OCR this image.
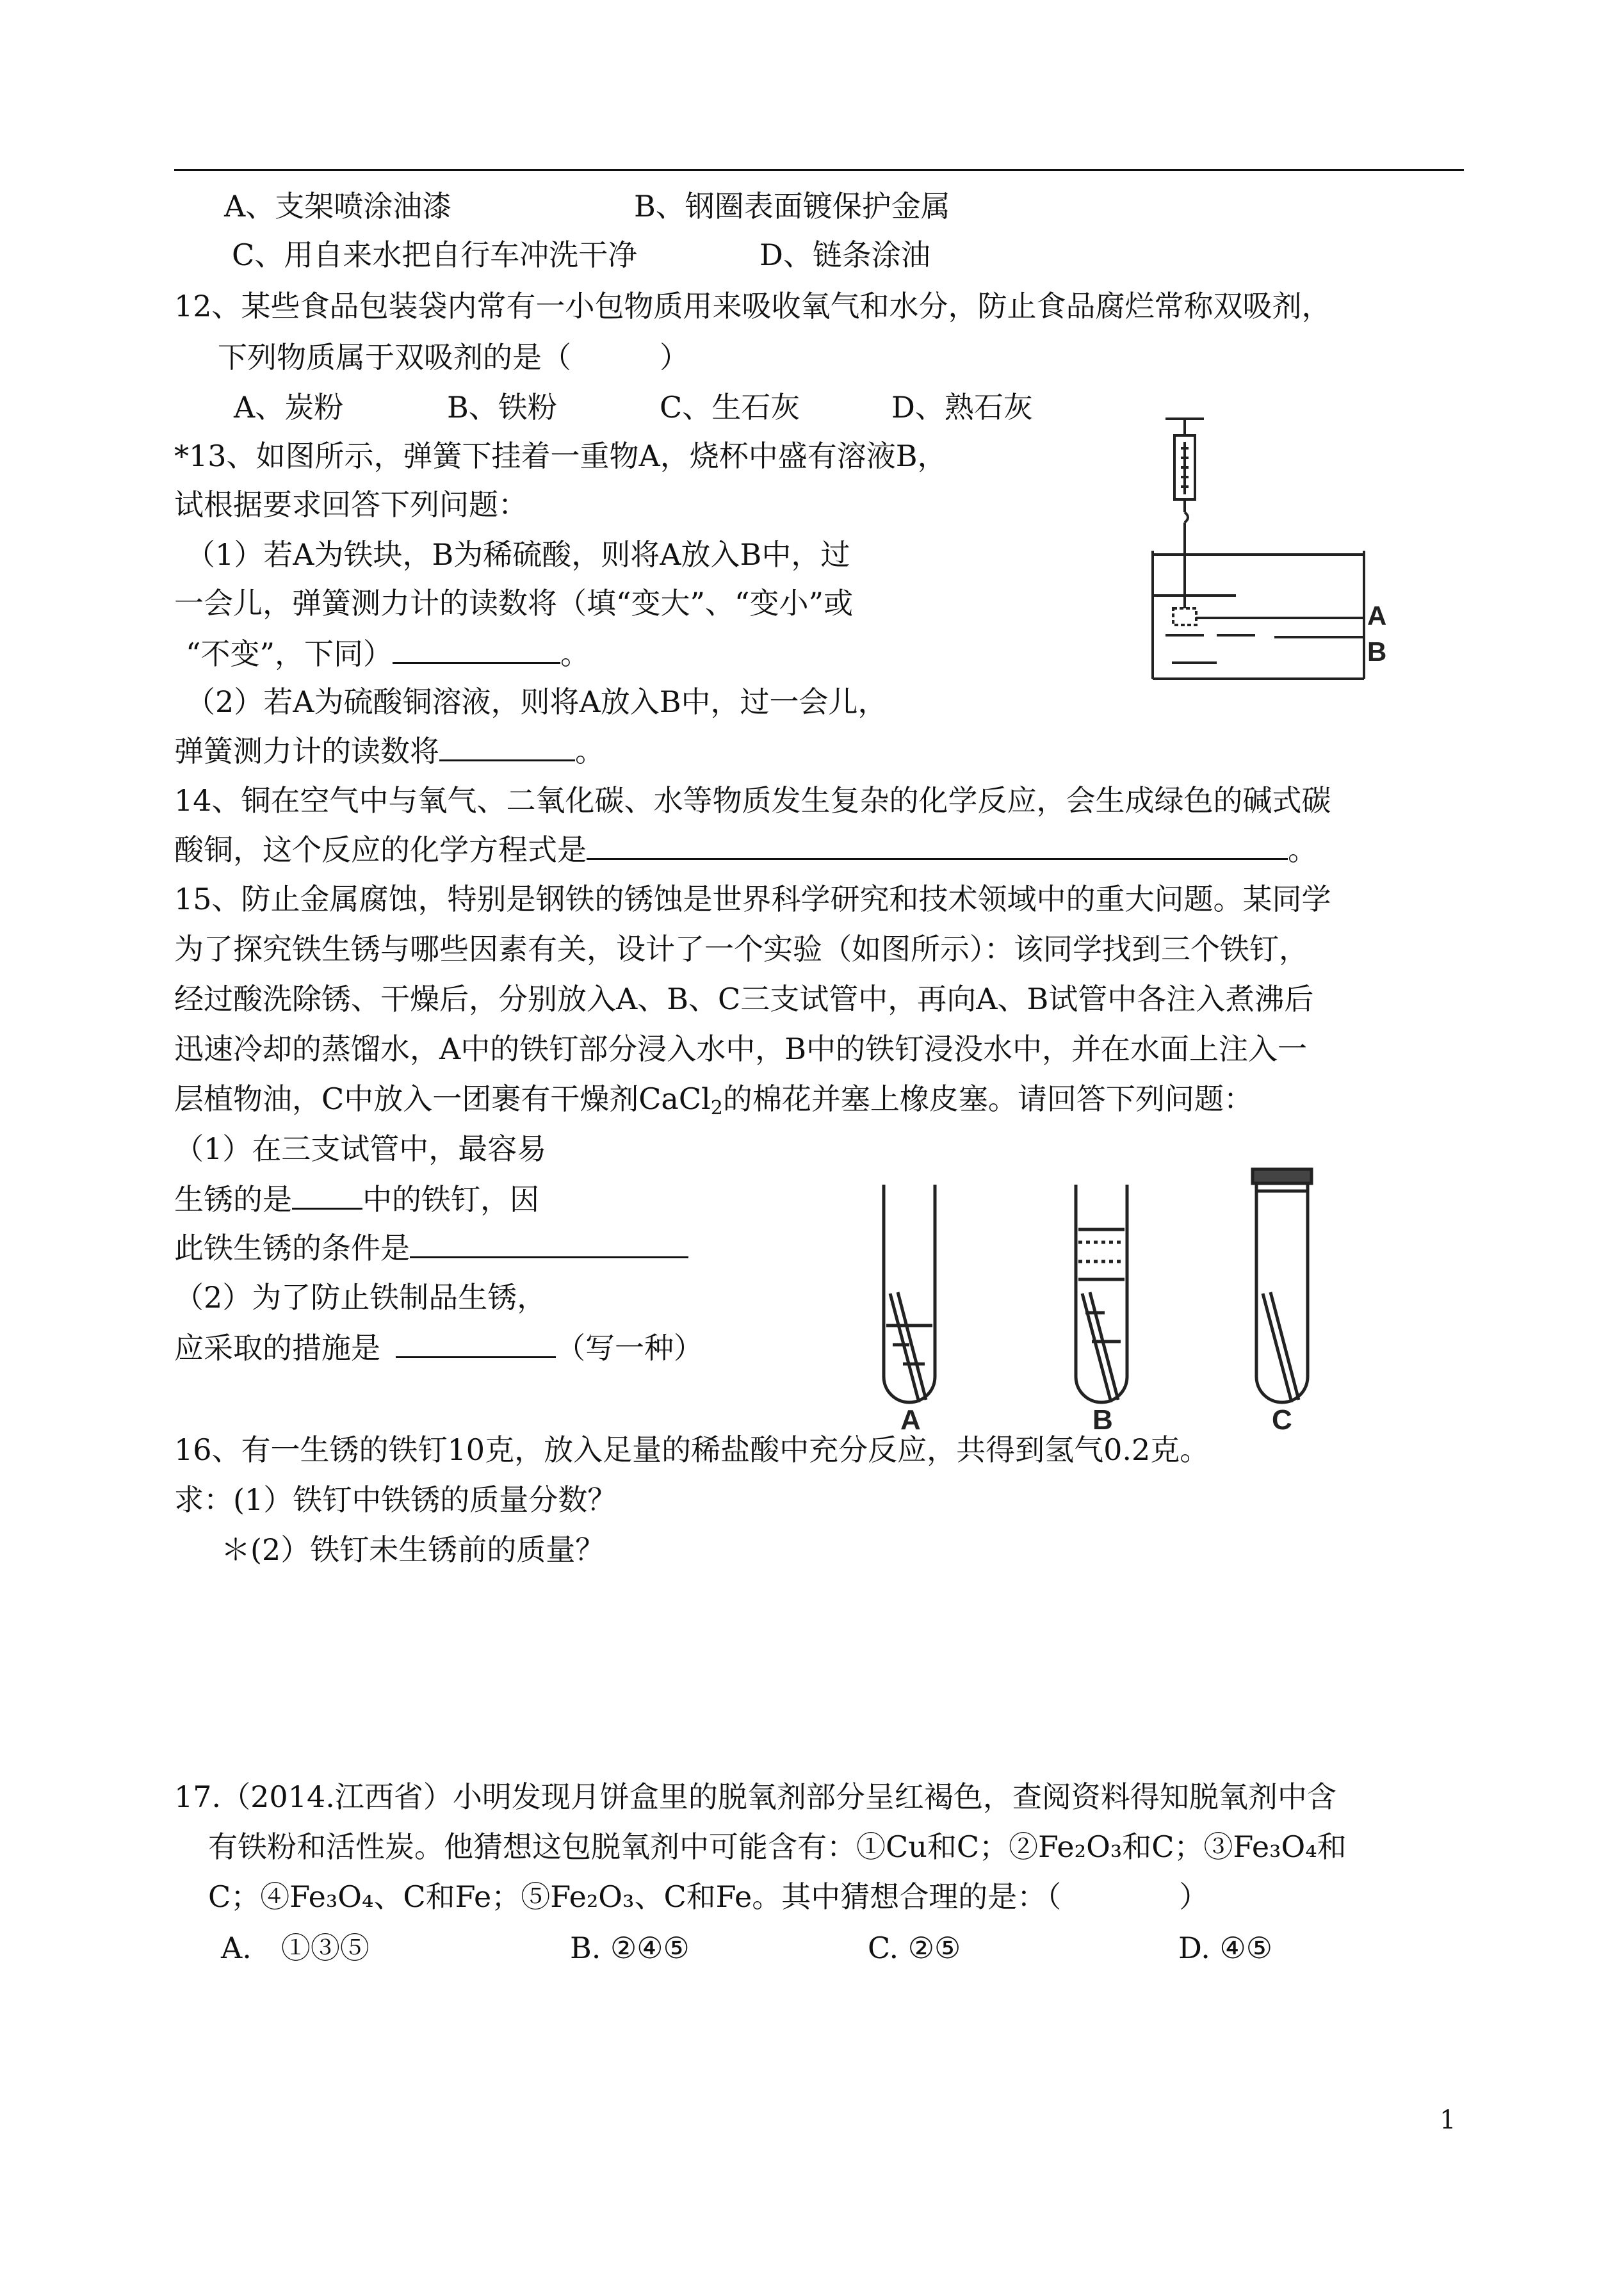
A、支架喷涂油漆	B、钢圈表面镀保护金属
C、用自来水把自行车冲洗干净	D、链条涂油
12、某些食品包装袋内常有一小包物质用来吸收氧气和水分，防止食品腐烂常称双吸剂，
下列物质属于双吸剂的是（　　　）
A、炭粉	B、铁粉	C、生石灰	D、熟石灰
*13、如图所示，弹簧下挂着一重物A，烧杯中盛有溶液B，
试根据要求回答下列问题：
（1）若A为铁块，B为稀硫酸，则将A放入B中，过
一会儿，弹簧测力计的读数将（填“变大”、“变小”或
“不变”，下同）	。
（2）若A为硫酸铜溶液，则将A放入B中，过一会儿，
弹簧测力计的读数将	。
A
B
14、铜在空气中与氧气、二氧化碳、水等物质发生复杂的化学反应，会生成绿色的碱式碳
酸铜，这个反应的化学方程式是	。
15、防止金属腐蚀，特别是钢铁的锈蚀是世界科学研究和技术领域中的重大问题。某同学
为了探究铁生锈与哪些因素有关，设计了一个实验（如图所示）：该同学找到三个铁钉，
经过酸洗除锈、干燥后，分别放入A、B、C三支试管中，再向A、B试管中各注入煮沸后
迅速冷却的蒸馏水，A中的铁钉部分浸入水中，B中的铁钉浸没水中，并在水面上注入一
层植物油，C中放入一团裹有干燥剂CaCl$_2$的棉花并塞上橡皮塞。请回答下列问题：
（1）在三支试管中，最容易
生锈的是 中的铁钉，因
此铁生锈的条件是
（2）为了防止铁制品生锈，
应采取的措施是	（写一种）
A	B	C
16、有一生锈的铁钉10克，放入足量的稀盐酸中充分反应，共得到氢气0.2克。
求：(1）铁钉中铁锈的质量分数？
＊(2）铁钉未生锈前的质量？
17.（2014.江西省）小明发现月饼盒里的脱氧剂部分呈红褐色，查阅资料得知脱氧剂中含
有铁粉和活性炭。他猜想这包脱氧剂中可能含有：①Cu和C；②Fe₂O₃和C；③Fe₃O₄和
C；④Fe₃O₄、C和Fe；⑤Fe₂O₃、C和Fe。其中猜想合理的是：（　　　　）
A.　①③⑤	B. ②④⑤	C. ②⑤	D. ④⑤
1
